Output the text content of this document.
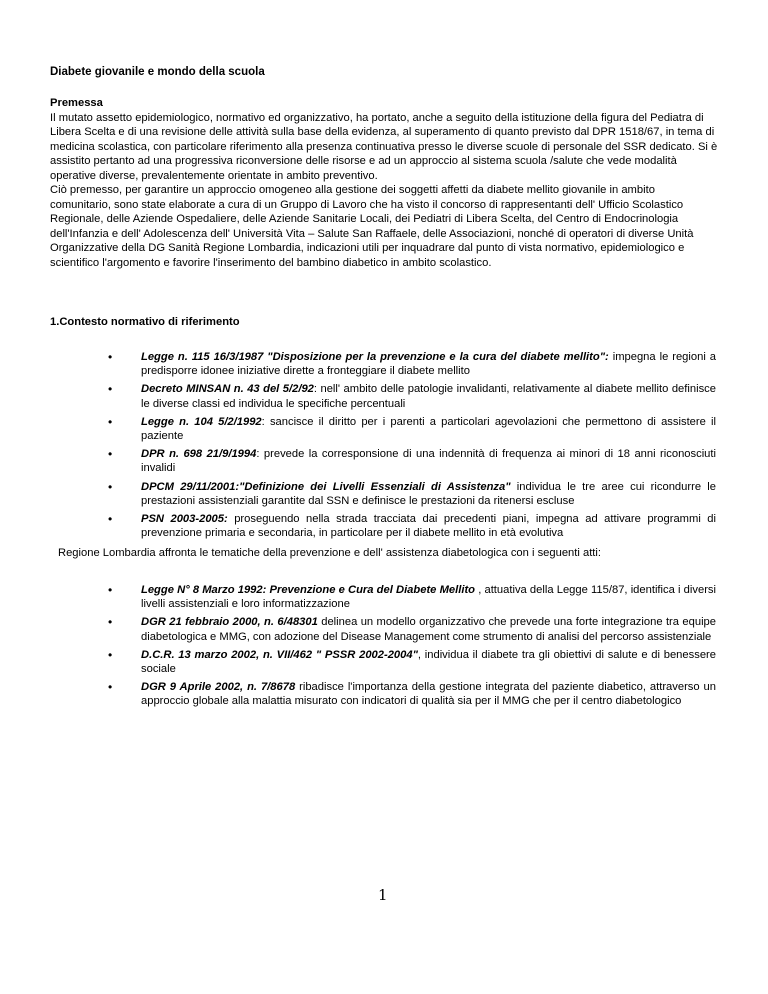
Diabete giovanile e mondo della scuola

Premessa

Il mutato assetto epidemiologico, normativo ed organizzativo, ha portato, anche a seguito della istituzione della figura del Pediatra di Libera Scelta e di una revisione delle attività sulla base della evidenza, al superamento di quanto previsto dal DPR 1518/67, in tema di medicina scolastica, con particolare riferimento alla presenza continuativa presso le diverse scuole di personale del SSR dedicato. Si è assistito pertanto ad una progressiva riconversione delle risorse e ad un approccio al sistema scuola /salute che vede modalità operative diverse, prevalentemente orientate in ambito preventivo.

Ciò premesso, per garantire un approccio omogeneo alla gestione dei soggetti affetti da diabete mellito giovanile in ambito comunitario, sono state elaborate a cura di un Gruppo di Lavoro che ha visto il concorso di rappresentanti dell' Ufficio Scolastico Regionale, delle Aziende Ospedaliere, delle Aziende Sanitarie Locali, dei Pediatri di Libera Scelta, del Centro di Endocrinologia dell'Infanzia e dell' Adolescenza dell' Università Vita – Salute San Raffaele, delle Associazioni, nonché di operatori di diverse Unità Organizzative della DG Sanità Regione Lombardia, indicazioni utili per inquadrare dal punto di vista normativo, epidemiologico e scientifico l'argomento e favorire l'inserimento del bambino diabetico in ambito scolastico.

1.Contesto normativo di riferimento
• Legge n. 115 16/3/1987 "Disposizione per la prevenzione e la cura del diabete mellito": impegna le regioni a predisporre idonee iniziative dirette a fronteggiare il diabete mellito
• Decreto MINSAN n. 43 del 5/2/92: nell' ambito delle patologie invalidanti, relativamente al diabete mellito definisce le diverse classi ed individua le specifiche percentuali
• Legge n. 104 5/2/1992: sancisce il diritto per i parenti a particolari agevolazioni che permettono di assistere il paziente
• DPR n. 698 21/9/1994: prevede la corresponsione di una indennità di frequenza ai minori di 18 anni riconosciuti invalidi
• DPCM 29/11/2001:"Definizione dei Livelli Essenziali di Assistenza" individua le tre aree cui ricondurre le prestazioni assistenziali garantite dal SSN e definisce le prestazioni da ritenersi escluse
• PSN 2003-2005: proseguendo nella strada tracciata dai precedenti piani, impegna ad attivare programmi di prevenzione primaria e secondaria, in particolare per il diabete mellito in età evolutiva
Regione Lombardia affronta le tematiche della prevenzione e dell' assistenza diabetologica con i seguenti atti:
• Legge N° 8 Marzo 1992: Prevenzione e Cura del Diabete Mellito , attuativa della Legge 115/87, identifica i diversi livelli assistenziali e loro informatizzazione
• DGR 21 febbraio 2000, n. 6/48301 delinea un modello organizzativo che prevede una forte integrazione tra equipe diabetologica e MMG, con adozione del Disease Management come strumento di analisi del percorso assistenziale
• D.C.R. 13 marzo 2002, n. VII/462 " PSSR 2002-2004", individua il diabete tra gli obiettivi di salute e di benessere sociale
• DGR 9 Aprile 2002, n. 7/8678 ribadisce l'importanza della gestione integrata del paziente diabetico, attraverso un approccio globale alla malattia misurato con indicatori di qualità sia per il MMG che per il centro diabetologico
1
